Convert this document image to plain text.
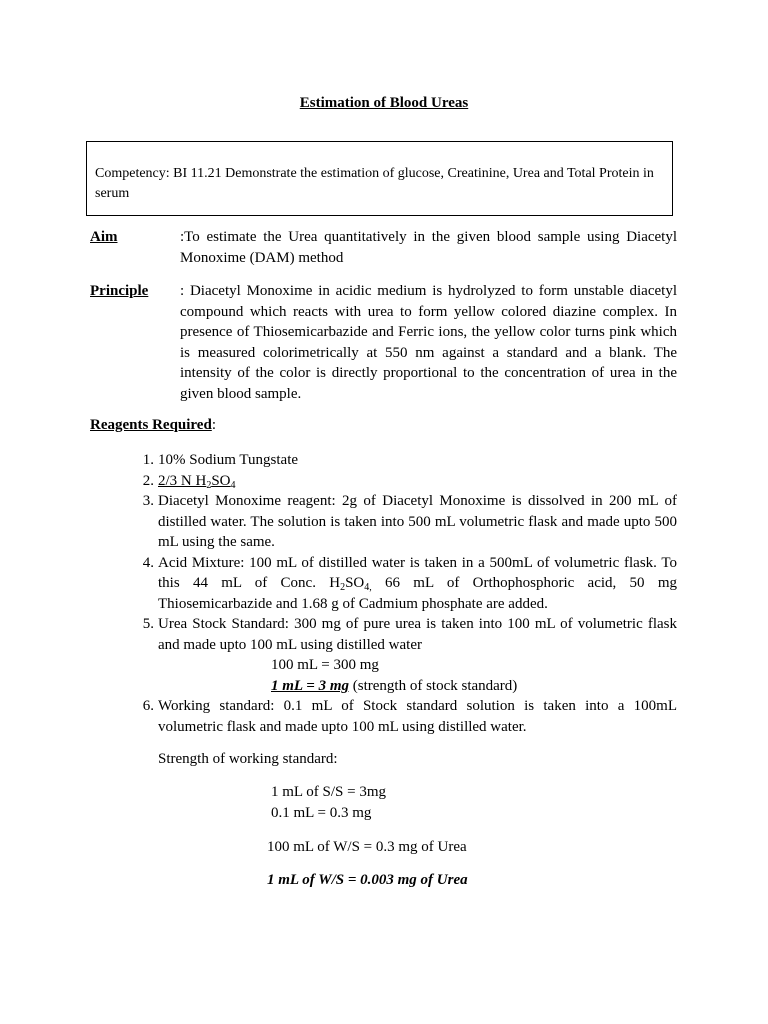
Estimation of Blood Ureas
Competency: BI 11.21 Demonstrate the estimation of glucose, Creatinine, Urea and Total Protein in serum
Aim	:To estimate the Urea quantitatively in the given blood sample using Diacetyl Monoxime (DAM) method
Principle : Diacetyl Monoxime in acidic medium is hydrolyzed to form unstable diacetyl compound which reacts with urea to form yellow colored diazine complex. In presence of Thiosemicarbazide and Ferric ions, the yellow color turns pink which is measured colorimetrically at 550 nm against a standard and a blank. The intensity of the color is directly proportional to the concentration of urea in the given blood sample.
Reagents Required:
1. 10% Sodium Tungstate
2. 2/3 N $H_2SO_4$
3. Diacetyl Monoxime reagent: 2g of Diacetyl Monoxime is dissolved in 200 mL of distilled water. The solution is taken into 500 mL volumetric flask and made upto 500 mL using the same.
4. Acid Mixture: 100 mL of distilled water is taken in a 500mL of volumetric flask. To this 44 mL of Conc. $H_2SO_{4,}$ 66 mL of Orthophosphoric acid, 50 mg Thiosemicarbazide and 1.68 g of Cadmium phosphate are added.
5. Urea Stock Standard: 300 mg of pure urea is taken into 100 mL of volumetric flask and made upto 100 mL using distilled water
100 mL = 300 mg
1 mL = 3 mg (strength of stock standard)
6. Working standard: 0.1 mL of Stock standard solution is taken into a 100mL volumetric flask and made upto 100 mL using distilled water.
Strength of working standard:
1 mL of S/S = 3mg
0.1 mL = 0.3 mg
100 mL of W/S = 0.3 mg of Urea
1 mL of W/S = 0.003 mg of Urea
